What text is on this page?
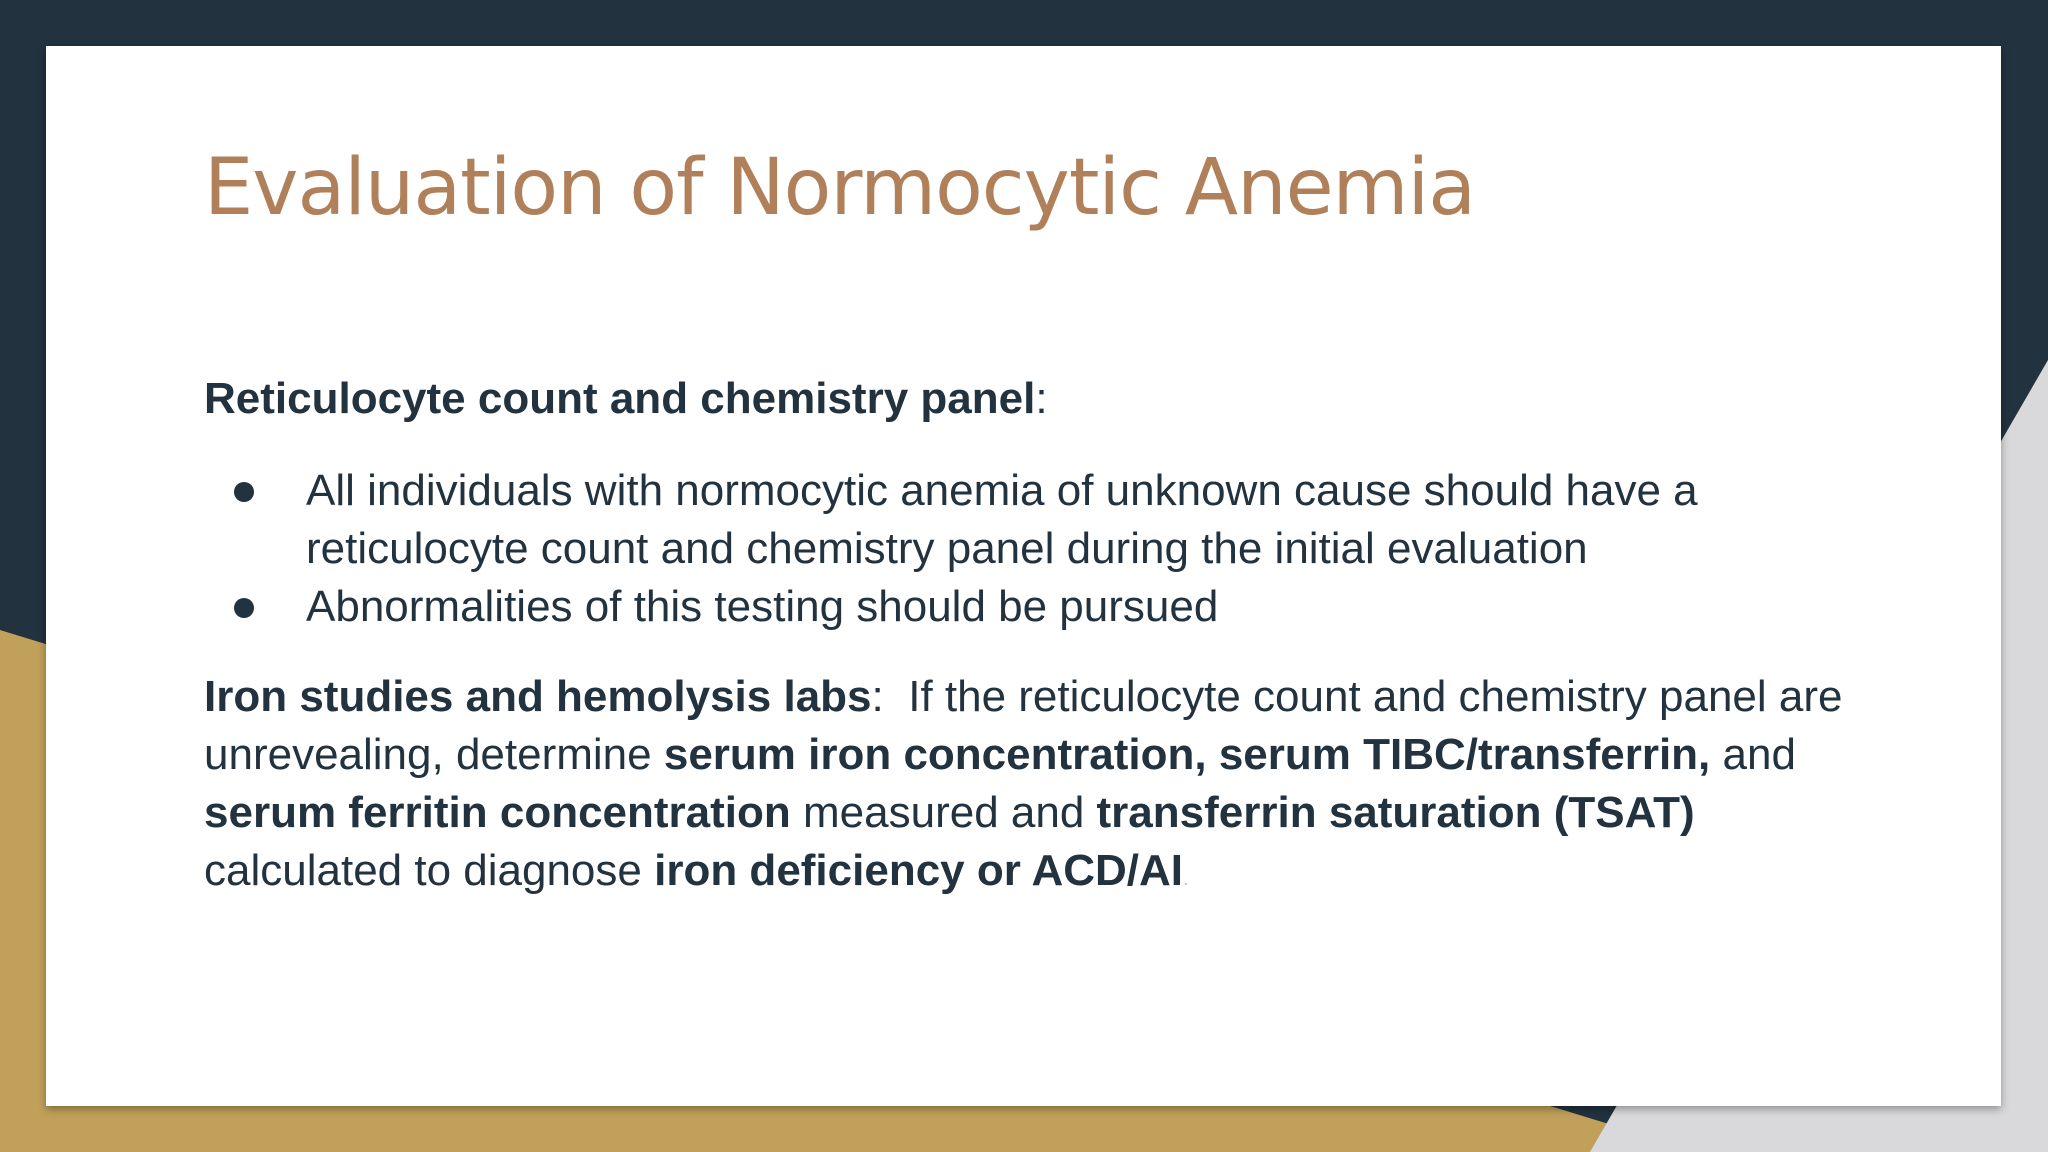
Evaluation of Normocytic Anemia

Reticulocyte count and chemistry panel:

All individuals with normocytic anemia of unknown cause should have a reticulocyte count and chemistry panel during the initial evaluation
Abnormalities of this testing should be pursued

Iron studies and hemolysis labs:  If the reticulocyte count and chemistry panel are unrevealing, determine serum iron concentration, serum TIBC/transferrin, and serum ferritin concentration measured and transferrin saturation (TSAT) calculated to diagnose iron deficiency or ACD/AI.
